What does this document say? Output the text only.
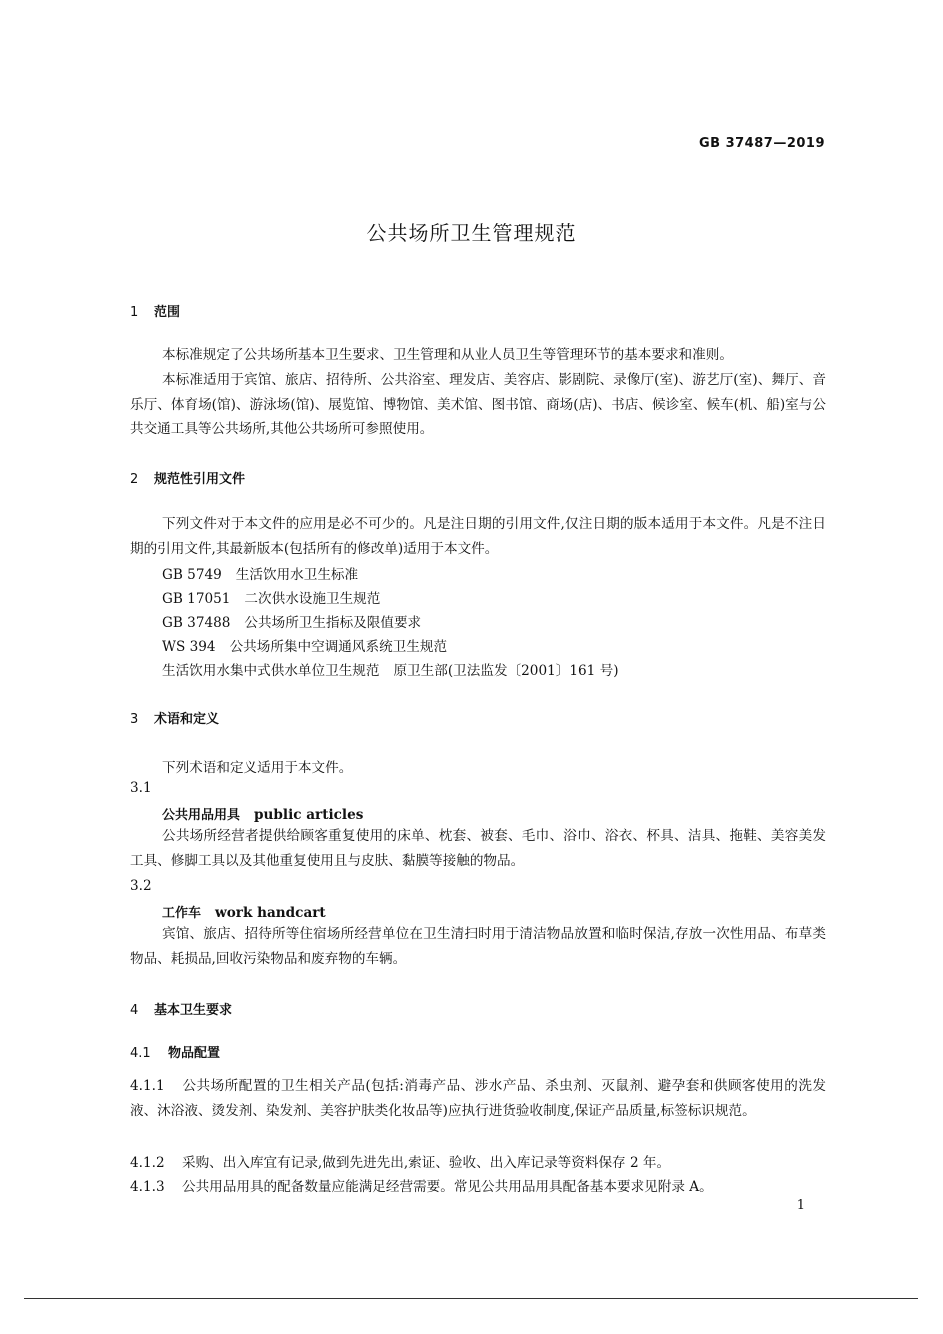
GB 37487—2019
公共场所卫生管理规范
1 范围
本标准规定了公共场所基本卫生要求、卫生管理和从业人员卫生等管理环节的基本要求和准则。
本标准适用于宾馆、旅店、招待所、公共浴室、理发店、美容店、影剧院、录像厅(室)、游艺厅(室)、舞厅、音乐厅、体育场(馆)、游泳场(馆)、展览馆、博物馆、美术馆、图书馆、商场(店)、书店、候诊室、候车(机、船)室与公共交通工具等公共场所,其他公共场所可参照使用。
2 规范性引用文件
下列文件对于本文件的应用是必不可少的。凡是注日期的引用文件,仅注日期的版本适用于本文件。凡是不注日期的引用文件,其最新版本(包括所有的修改单)适用于本文件。
GB 5749 生活饮用水卫生标准
GB 17051 二次供水设施卫生规范
GB 37488 公共场所卫生指标及限值要求
WS 394 公共场所集中空调通风系统卫生规范
生活饮用水集中式供水单位卫生规范 原卫生部(卫法监发〔2001〕161 号)
3 术语和定义
下列术语和定义适用于本文件。
3.1
公共用品用具 public articles
公共场所经营者提供给顾客重复使用的床单、枕套、被套、毛巾、浴巾、浴衣、杯具、洁具、拖鞋、美容美发工具、修脚工具以及其他重复使用且与皮肤、黏膜等接触的物品。
3.2
工作车 work handcart
宾馆、旅店、招待所等住宿场所经营单位在卫生清扫时用于清洁物品放置和临时保洁,存放一次性用品、布草类物品、耗损品,回收污染物品和废弃物的车辆。
4 基本卫生要求
4.1 物品配置
4.1.1 公共场所配置的卫生相关产品(包括:消毒产品、涉水产品、杀虫剂、灭鼠剂、避孕套和供顾客使用的洗发液、沐浴液、烫发剂、染发剂、美容护肤类化妆品等)应执行进货验收制度,保证产品质量,标签标识规范。
4.1.2 采购、出入库宜有记录,做到先进先出,索证、验收、出入库记录等资料保存 2 年。
4.1.3 公共用品用具的配备数量应能满足经营需要。常见公共用品用具配备基本要求见附录 A。
1
